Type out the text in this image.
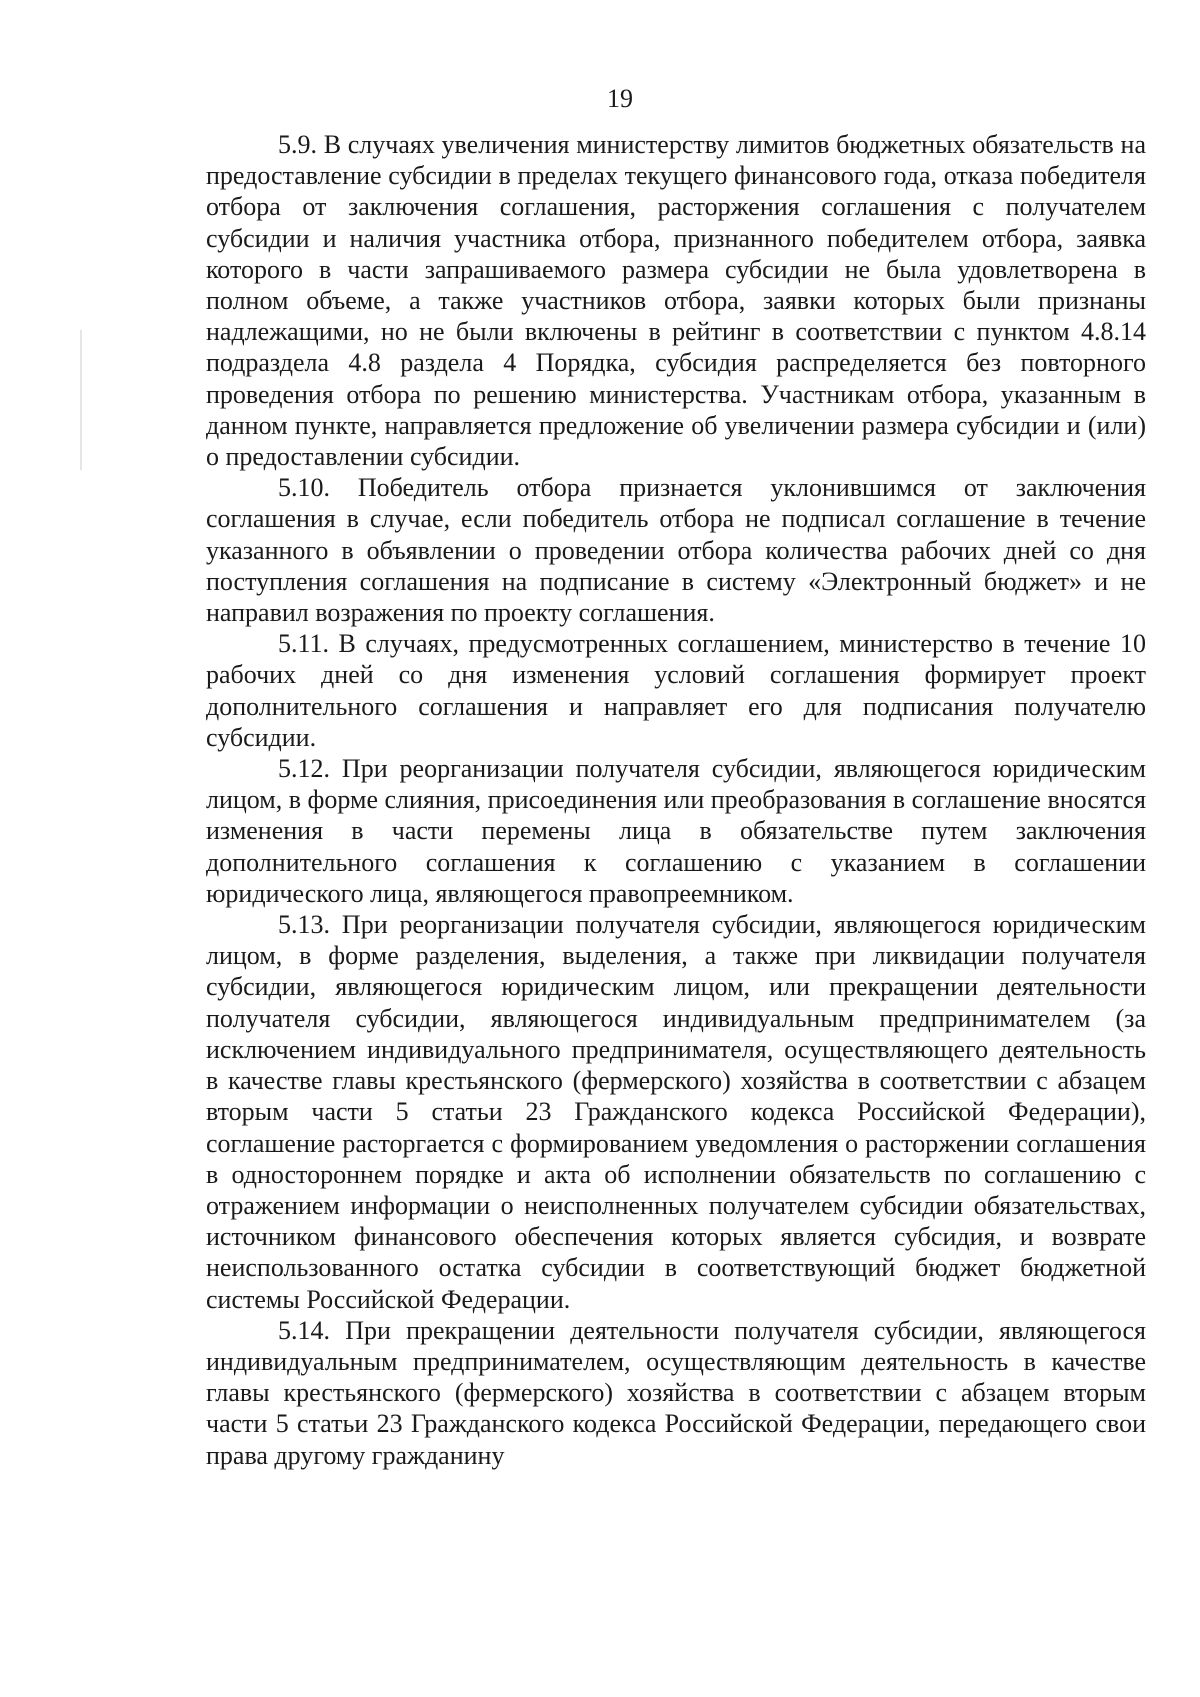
19

5.9. В случаях увеличения министерству лимитов бюджетных обязательств на предоставление субсидии в пределах текущего финансового года, отказа победителя отбора от заключения соглашения, расторжения соглашения с получателем субсидии и наличия участника отбора, признанного победителем отбора, заявка которого в части запрашиваемого размера субсидии не была удовлетворена в полном объеме, а также участников отбора, заявки которых были признаны надлежащими, но не были включены в рейтинг в соответствии с пунктом 4.8.14 подраздела 4.8 раздела 4 Порядка, субсидия распределяется без повторного проведения отбора по решению министерства. Участникам отбора, указанным в данном пункте, направляется предложение об увеличении размера субсидии и (или) о предоставлении субсидии.

5.10. Победитель отбора признается уклонившимся от заключения соглашения в случае, если победитель отбора не подписал соглашение в течение указанного в объявлении о проведении отбора количества рабочих дней со дня поступления соглашения на подписание в систему «Электронный бюджет» и не направил возражения по проекту соглашения.

5.11. В случаях, предусмотренных соглашением, министерство в течение 10 рабочих дней со дня изменения условий соглашения формирует проект дополнительного соглашения и направляет его для подписания получателю субсидии.

5.12. При реорганизации получателя субсидии, являющегося юридическим лицом, в форме слияния, присоединения или преобразования в соглашение вносятся изменения в части перемены лица в обязательстве путем заключения дополнительного соглашения к соглашению с указанием в соглашении юридического лица, являющегося правопреемником.

5.13. При реорганизации получателя субсидии, являющегося юридическим лицом, в форме разделения, выделения, а также при ликвидации получателя субсидии, являющегося юридическим лицом, или прекращении деятельности получателя субсидии, являющегося индивидуальным предпринимателем (за исключением индивидуального предпринимателя, осуществляющего деятельность в качестве главы крестьянского (фермерского) хозяйства в соответствии с абзацем вторым части 5 статьи 23 Гражданского кодекса Российской Федерации), соглашение расторгается с формированием уведомления о расторжении соглашения в одностороннем порядке и акта об исполнении обязательств по соглашению с отражением информации о неисполненных получателем субсидии обязательствах, источником финансового обеспечения которых является субсидия, и возврате неиспользованного остатка субсидии в соответствующий бюджет бюджетной системы Российской Федерации.

5.14. При прекращении деятельности получателя субсидии, являющегося индивидуальным предпринимателем, осуществляющим деятельность в качестве главы крестьянского (фермерского) хозяйства в соответствии с абзацем вторым части 5 статьи 23 Гражданского кодекса Российской Федерации, передающего свои права другому гражданину
